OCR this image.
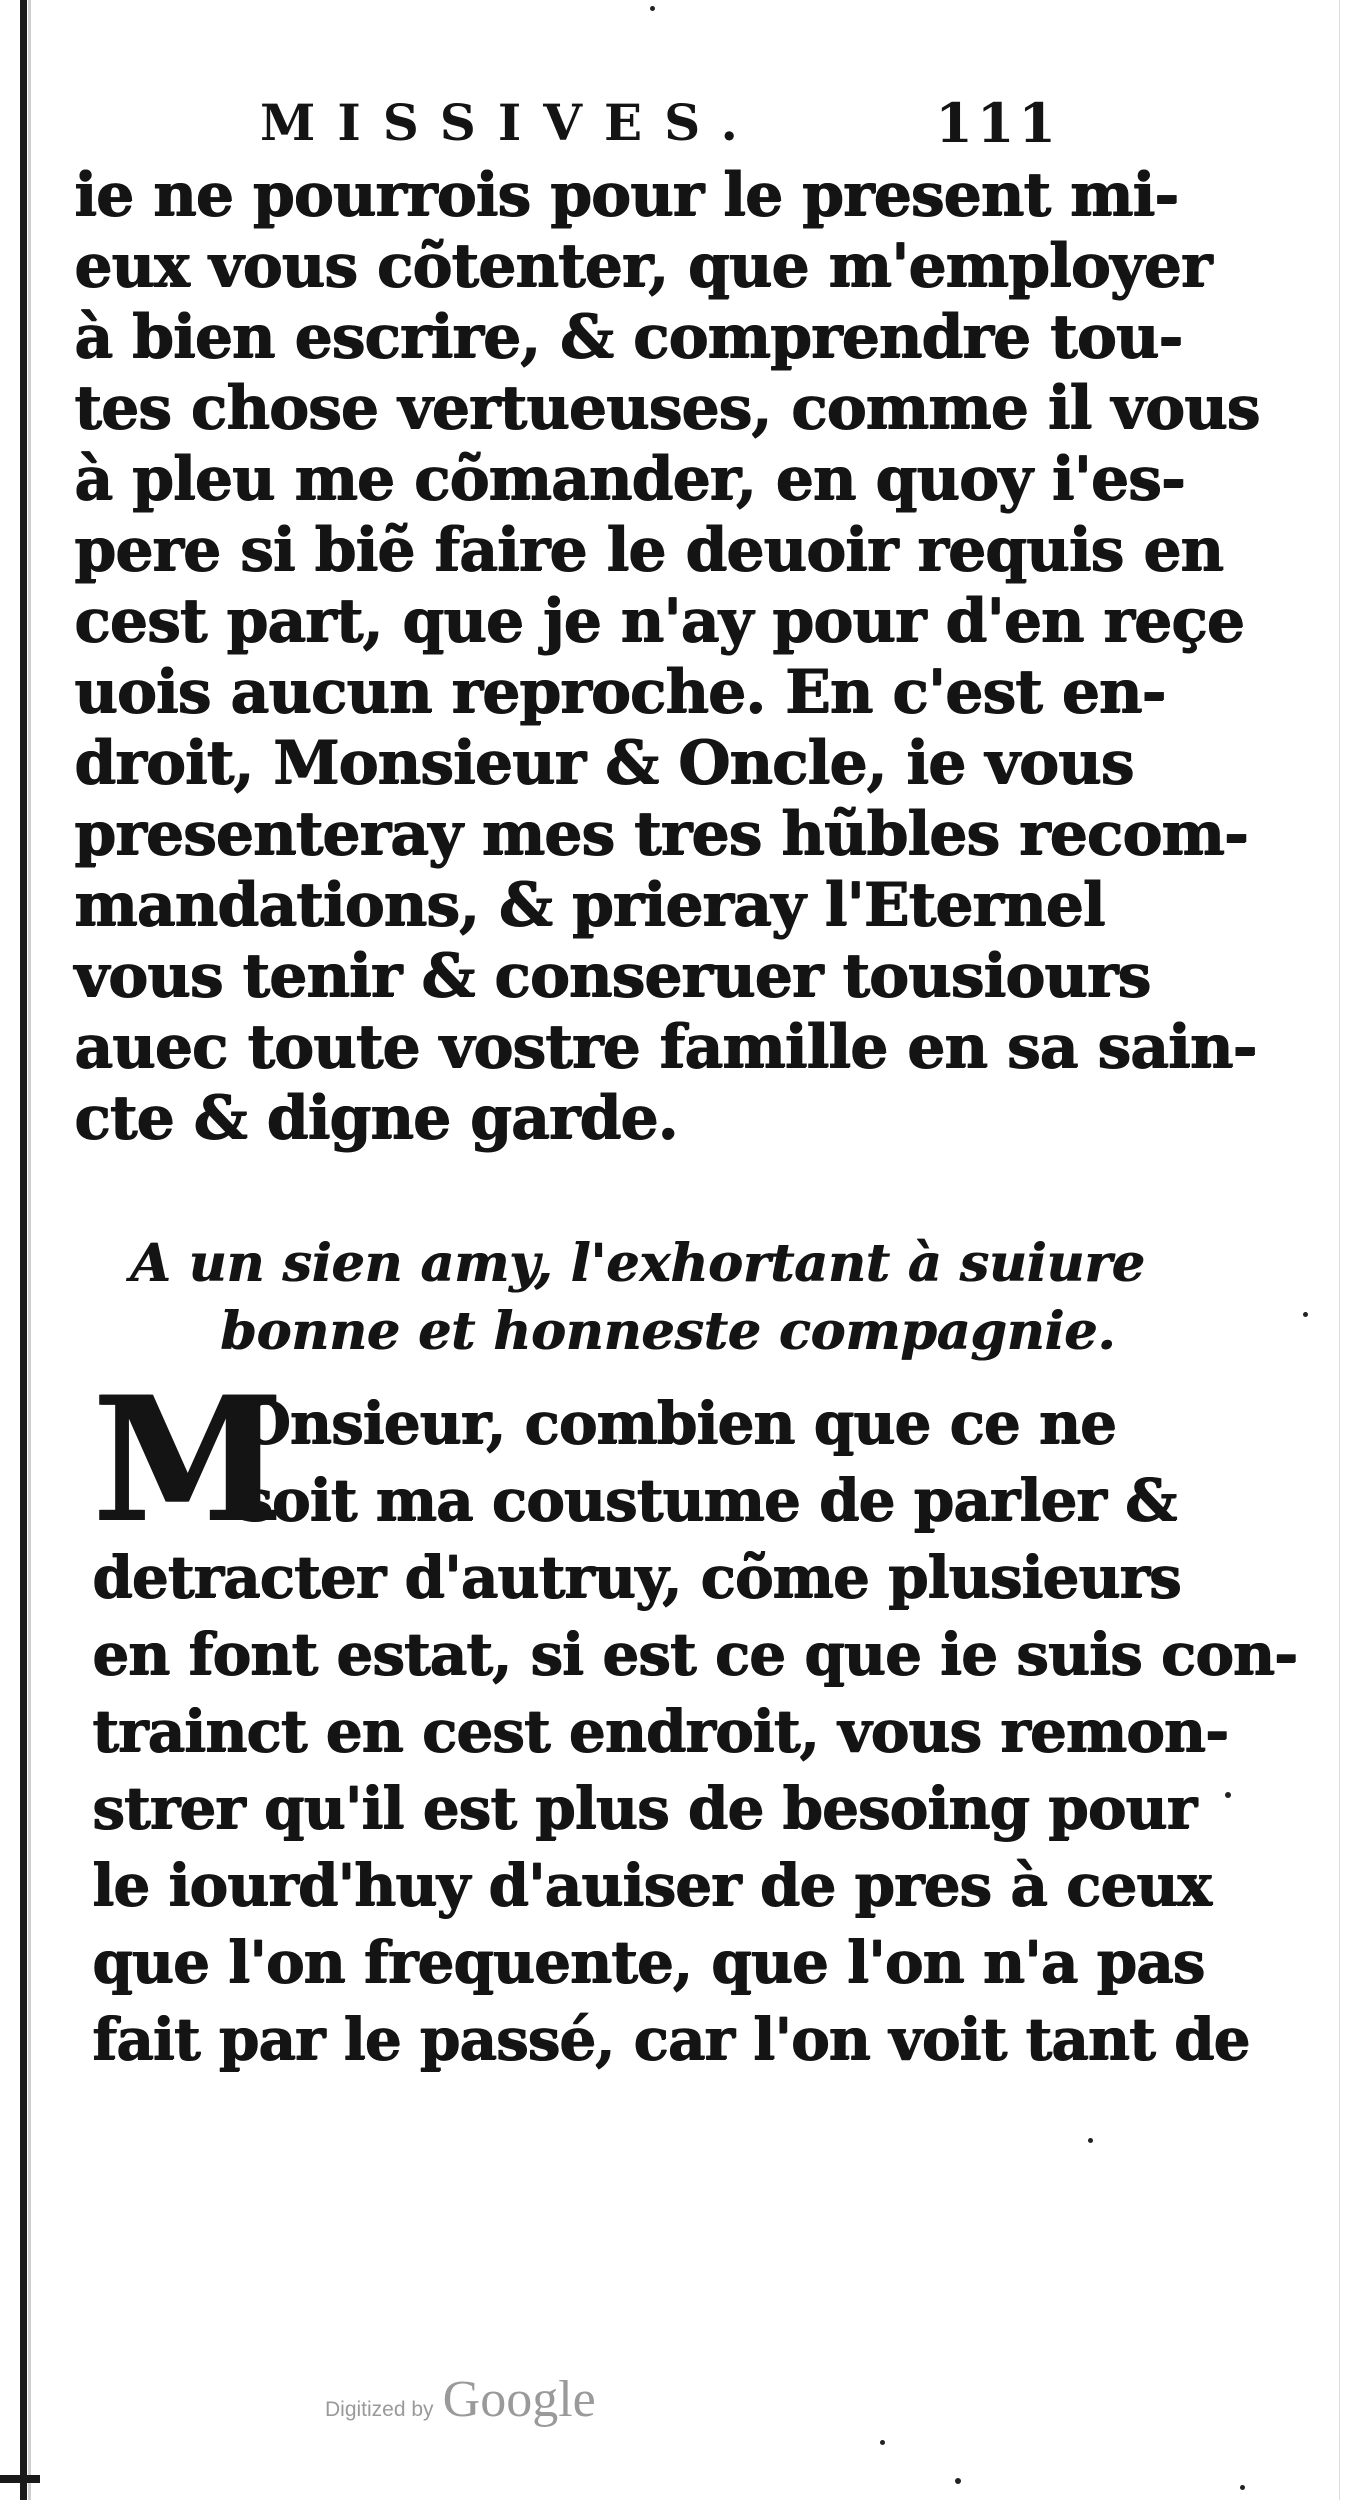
MISSIVES.	111
ie ne pourrois pour le present mi-
eux vous cõtenter, que m'employer
à bien escrire, & comprendre tou-
tes chose vertueuses, comme il vous
à pleu me cõmander, en quoy i'es-
pere si biẽ faire le deuoir requis en
cest part, que je n'ay pour d'en reçe
uois aucun reproche. En c'est en-
droit, Monsieur & Oncle, ie vous
presenteray mes tres hũbles recom-
mandations, & prieray l'Eternel
vous tenir & conseruer tousiours
auec toute vostre famille en sa sain-
cte & digne garde.
A un sien amy, l'exhortant à suiure
bonne et honneste compagnie.
M
Onsieur, combien que ce ne
soit ma coustume de parler &
detracter d'autruy, cõme plusieurs
en font estat, si est ce que ie suis con-
trainct en cest endroit, vous remon-
strer qu'il est plus de besoing pour
le iourd'huy d'auiser de pres à ceux
que l'on frequente, que l'on n'a pas
fait par le passé, car l'on voit tant de
Digitized by Google
